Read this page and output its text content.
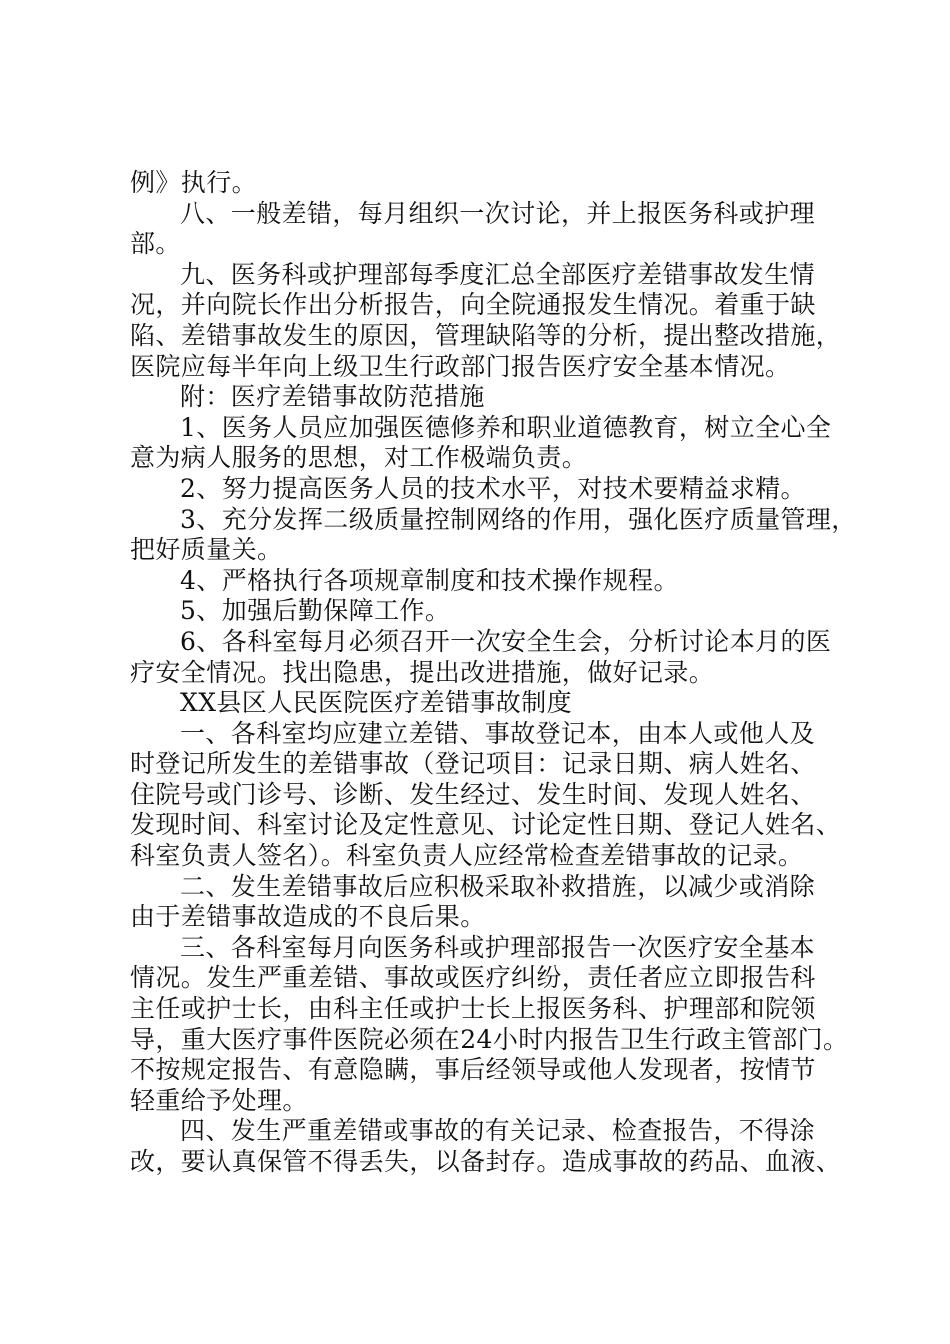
例》执行。
八、一般差错，每月组织一次讨论，并上报医务科或护理
部。
九、医务科或护理部每季度汇总全部医疗差错事故发生情
况，并向院长作出分析报告，向全院通报发生情况。着重于缺
陷、差错事故发生的原因，管理缺陷等的分析，提出整改措施，
医院应每半年向上级卫生行政部门报告医疗安全基本情况。
附：医疗差错事故防范措施
1、医务人员应加强医德修养和职业道德教育，树立全心全
意为病人服务的思想，对工作极端负责。
2、努力提高医务人员的技术水平，对技术要精益求精。
3、充分发挥二级质量控制网络的作用，强化医疗质量管理，
把好质量关。
4、严格执行各项规章制度和技术操作规程。
5、加强后勤保障工作。
6、各科室每月必须召开一次安全生会，分析讨论本月的医
疗安全情况。找出隐患，提出改进措施，做好记录。
XX县区人民医院医疗差错事故制度
一、各科室均应建立差错、事故登记本，由本人或他人及
时登记所发生的差错事故（登记项目：记录日期、病人姓名、
住院号或门诊号、诊断、发生经过、发生时间、发现人姓名、
发现时间、科室讨论及定性意见、讨论定性日期、登记人姓名、
科室负责人签名）。科室负责人应经常检查差错事故的记录。
二、发生差错事故后应积极采取补救措旌，以减少或消除
由于差错事故造成的不良后果。
三、各科室每月向医务科或护理部报告一次医疗安全基本
情况。发生严重差错、事故或医疗纠纷，责任者应立即报告科
主任或护士长，由科主任或护士长上报医务科、护理部和院领
导，重大医疗事件医院必须在24小时内报告卫生行政主管部门。
不按规定报告、有意隐瞒，事后经领导或他人发现者，按情节
轻重给予处理。
四、发生严重差错或事故的有关记录、检查报告，不得涂
改，要认真保管不得丢失，以备封存。造成事故的药品、血液、
